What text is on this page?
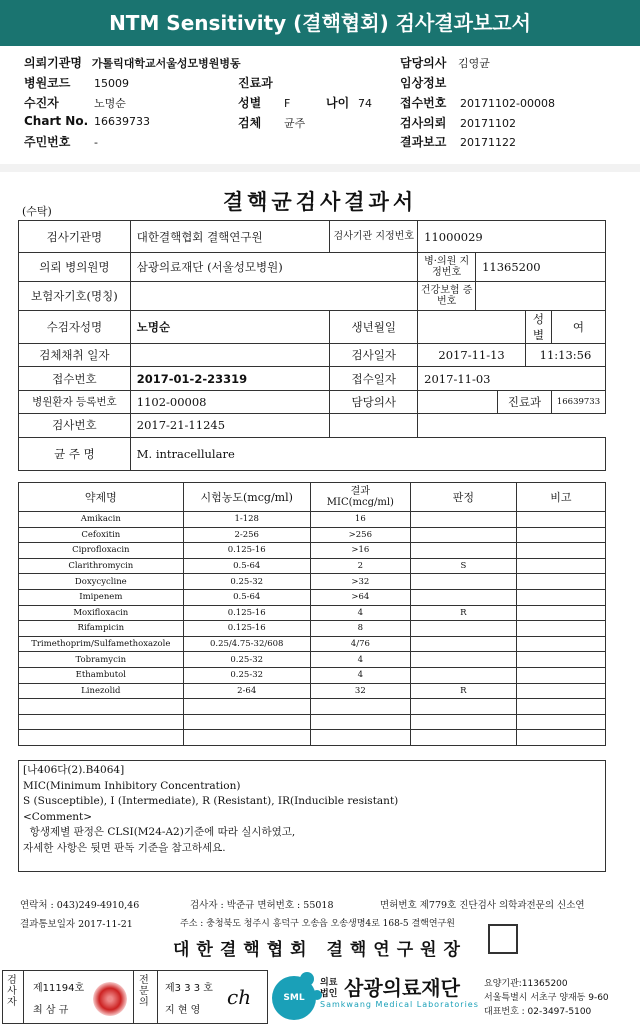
NTM Sensitivity (결핵협회) 검사결과보고서
의뢰기관명 가톨릭대학교서울성모병원병동
병원코드 15009
수진자	노명순
Chart No. 16639733
주민번호 -
진료과
성별 F	나이 74
검체 균주
담당의사 김영균
임상정보
접수번호 20171102-00008
검사의뢰 20171102
결과보고 20171122
(수탁)	결핵균검사결과서
검사기관명	대한결핵협회 결핵연구원	검사기관 지정번호	11000029				
의뢰 병의원명	삼광의료재단 (서울성모병원)		병·의원 지정번호	11365200			
보험자기호(명칭)			건강보험 증번호				
수검자성명	노명순	생년월일				성별	여
검체채취 일자		검사일자	2017-11-13			11:13:56	
접수번호	2017-01-2-23319	접수일자	2017-11-03				
병원환자 등록번호	1102-00008	담당의사			진료과		16639733
검사번호	2017-21-11245						
균 주 명	M. intracellulare						
약제명	시험농도(mcg/ml)	결과
MIC(mcg/ml)	판정	비고
Amikacin	1-128	16		
Cefoxitin	2-256	>256		
Ciprofloxacin	0.125-16	>16		
Clarithromycin	0.5-64	2	S	
Doxycycline	0.25-32	>32		
Imipenem	0.5-64	>64		
Moxifloxacin	0.125-16	4	R	
Rifampicin	0.125-16	8		
Trimethoprim/Sulfamethoxazole	0.25/4.75-32/608	4/76		
Tobramycin	0.25-32	4		
Ethambutol	0.25-32	4		
Linezolid	2-64	32	R	

[나406다(2).B4064]
MIC(Minimum Inhibitory Concentration)
S (Susceptible), I (Intermediate), R (Resistant), IR(Inducible resistant)
<Comment>
항생제별 판정은 CLSI(M24-A2)기준에 따라 실시하였고,
자세한 사항은 뒷면 판독 기준을 참고하세요.
연락처 : 043)249-4910,46	검사자 : 박준규 면허번호 : 55018	면허번호 제779호 진단검사 의학과전문의 신소연
결과통보일자 2017-11-21	주소 : 충청북도 청주시 흥덕구 오송읍 오송생명4로 168-5 결핵연구원
대한결핵협회 결핵연구원장
검사자
전문의
제11194호
최 삼 규
제3 3 3 호
지 현 영
ch	SML
의료
법인 삼광의료재단
Samkwang Medical Laboratories
요양기관:11365200
서울특별시 서초구 양재동 9-60
대표번호 : 02-3497-5100
